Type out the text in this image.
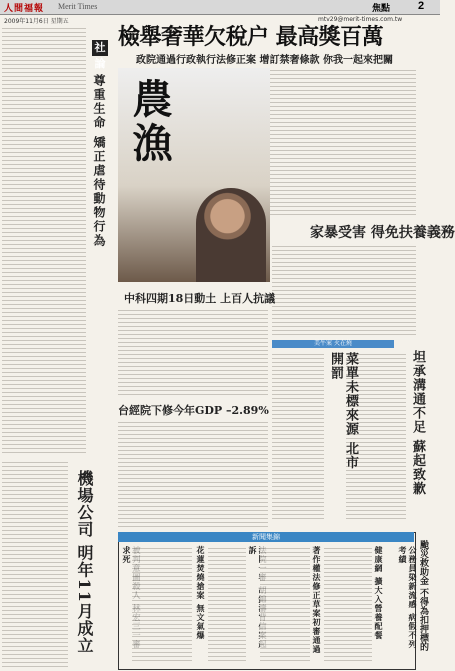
人間福報 Merit Times	焦點	2
2009年11月6日 星期五	mtv29@merit-times.com.tw
檢舉奢華欠稅户 最高獎百萬
政院通過行政執行法修正案 增訂禁奢條款 你我一起來把關
社論
尊重生命 矯正虐待動物行為 農漁
中科四期18日動土 上百人抗議
台經院下修今年GDP –2.89%
家暴受害 得免扶養義務
美牛案 火在燒
菜單未標來源 北市開罰	坦承溝通不足 蘇起致歉
機場公司 明年11月成立	新聞集錦
公務員染新流感 病假不列考績
健康網 擴大入營養配餐
著作權法修正草案初審通過
訴
花蓮焚燒搶案 無文氣爆
求死	颱災救助金 不得為扣押標的
